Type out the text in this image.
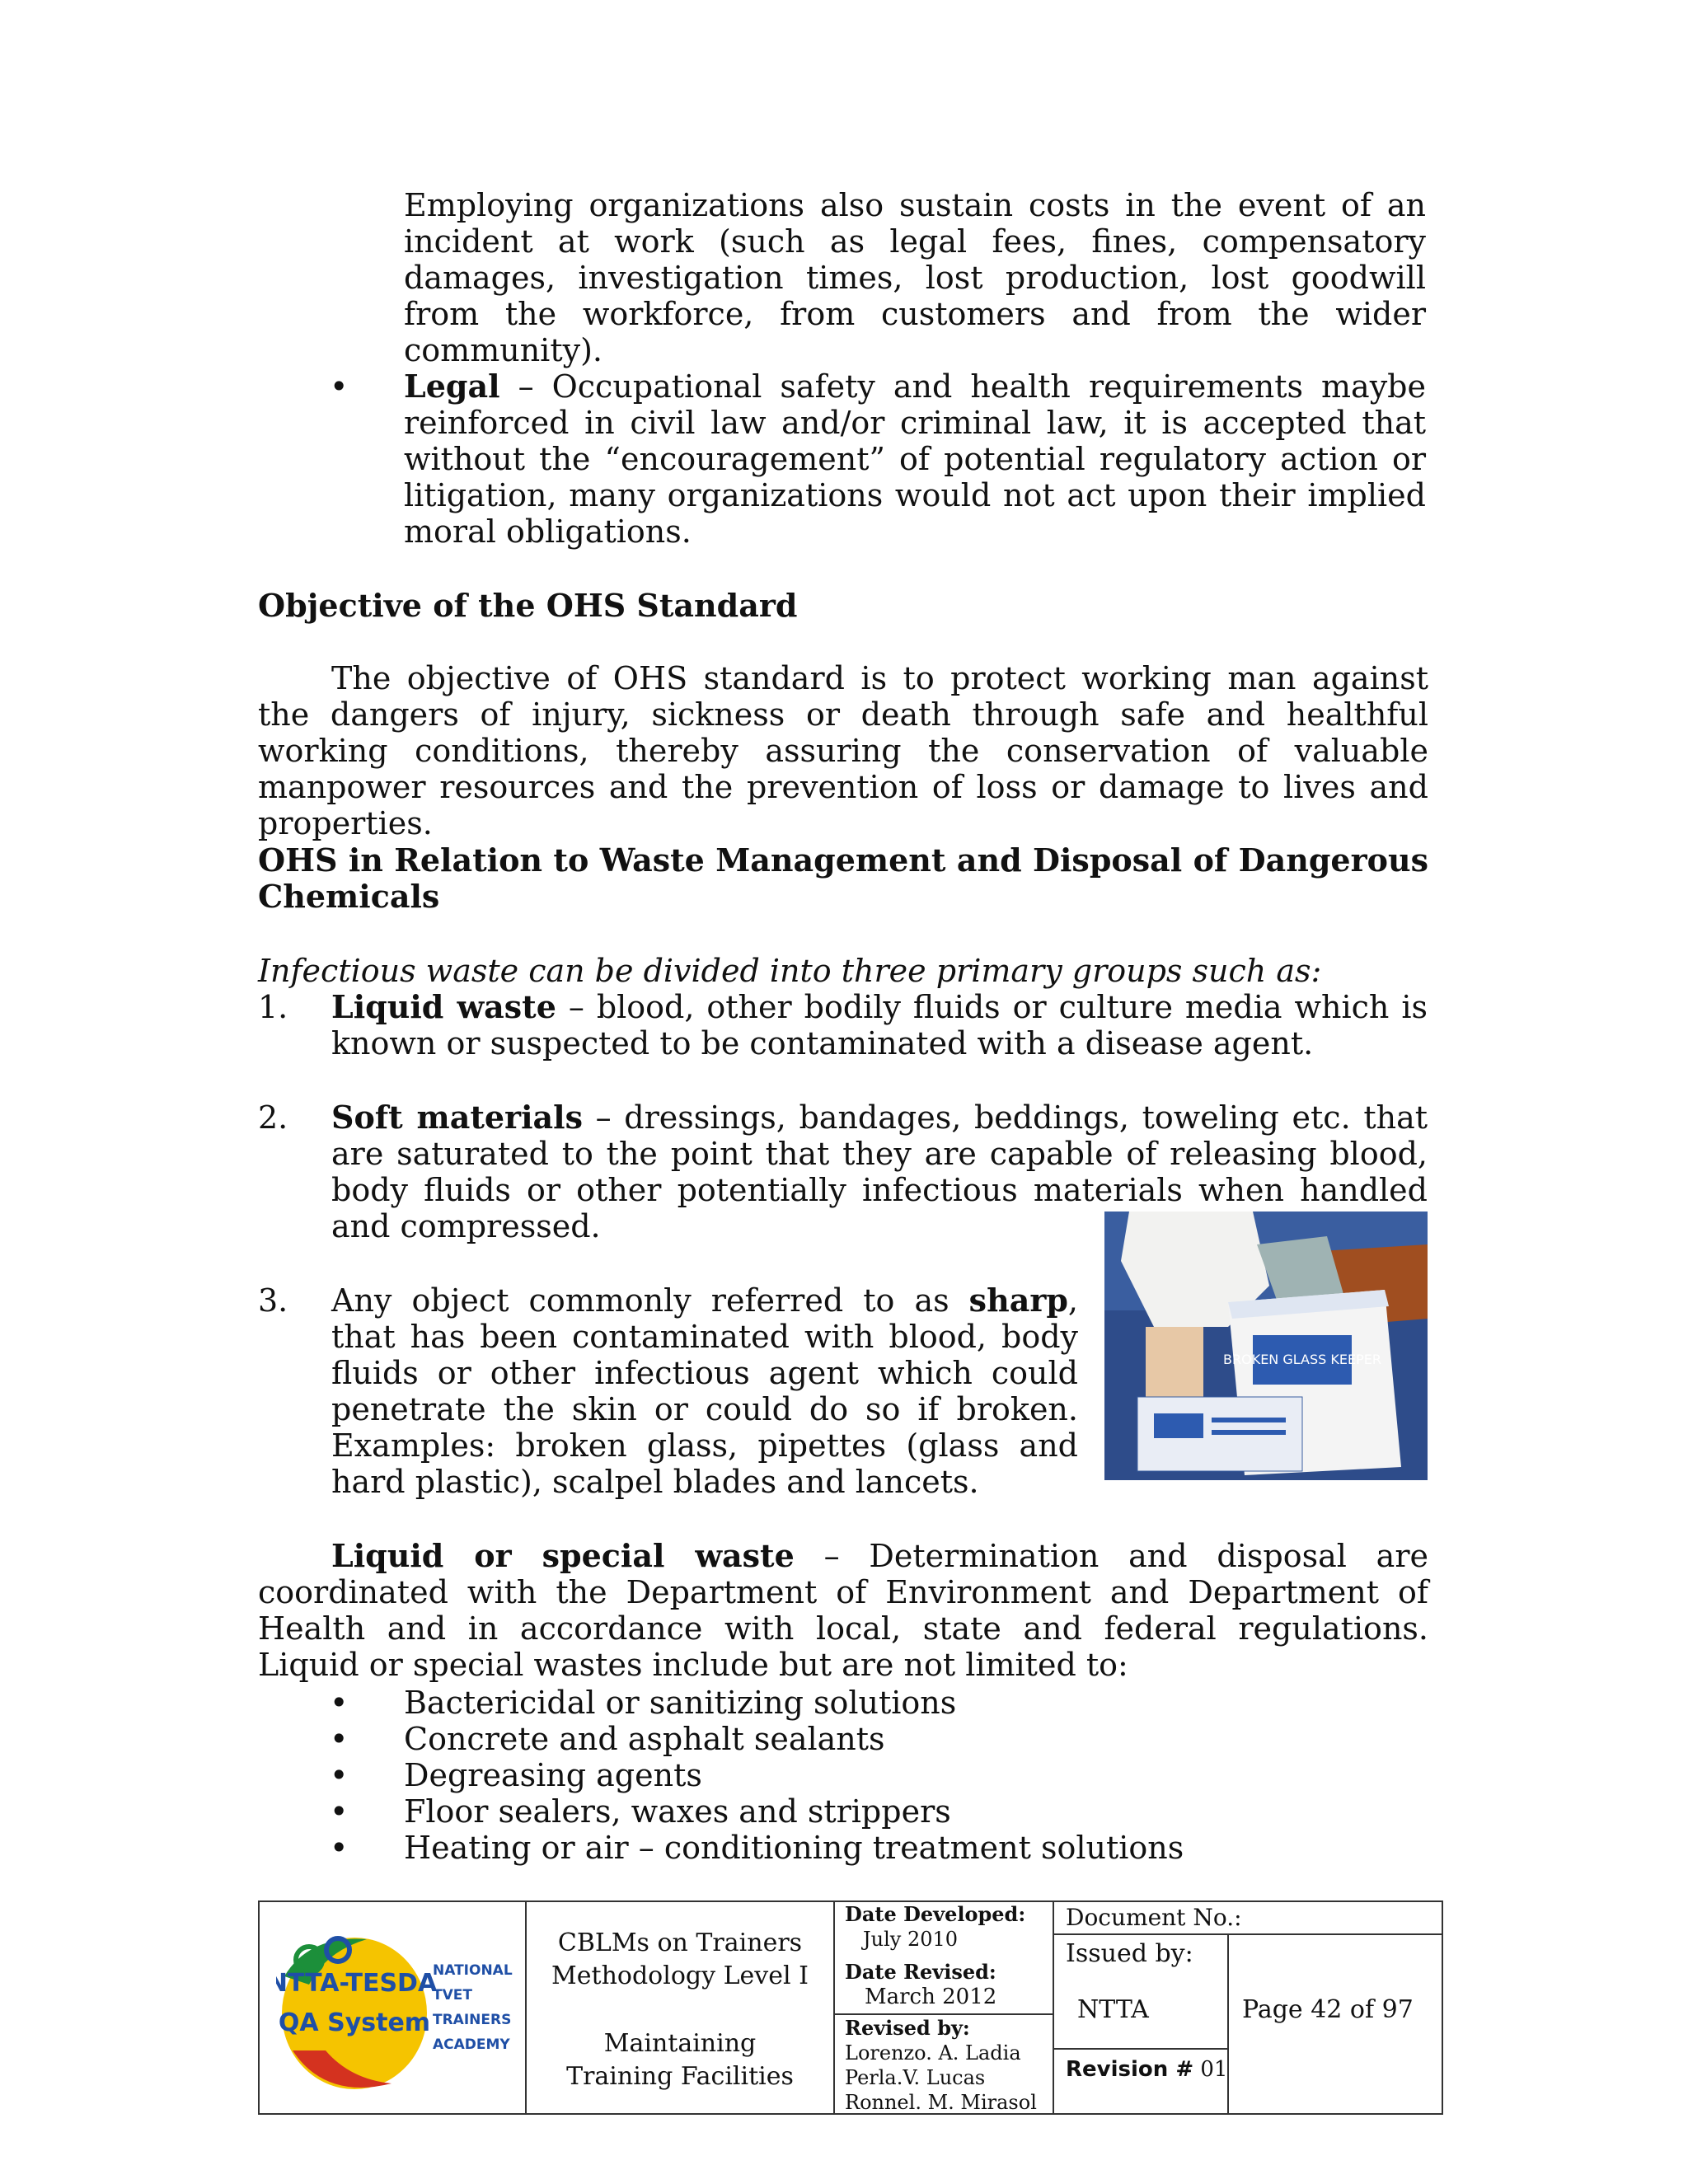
Employing organizations also sustain costs in the event of an incident at work (such as legal fees, fines, compensatory damages, investigation times, lost production, lost goodwill from the workforce, from customers and from the wider community).

• Legal – Occupational safety and health requirements maybe reinforced in civil law and/or criminal law, it is accepted that without the “encouragement” of potential regulatory action or litigation, many organizations would not act upon their implied moral obligations.

Objective of the OHS Standard

The objective of OHS standard is to protect working man against the dangers of injury, sickness or death through safe and healthful working conditions, thereby assuring the conservation of valuable manpower resources and the prevention of loss or damage to lives and properties.

OHS in Relation to Waste Management and Disposal of Dangerous Chemicals

Infectious waste can be divided into three primary groups such as:

1. Liquid waste – blood, other bodily fluids or culture media which is known or suspected to be contaminated with a disease agent.

2. Soft materials – dressings, bandages, beddings, toweling etc. that are saturated to the point that they are capable of releasing blood, body fluids or other potentially infectious materials when handled and compressed.

3. Any object commonly referred to as sharp, that has been contaminated with blood, body fluids or other infectious agent which could penetrate the skin or could do so if broken. Examples: broken glass, pipettes (glass and hard plastic), scalpel blades and lancets.

BROKEN GLASS KEEPER

Liquid or special waste – Determination and disposal are coordinated with the Department of Environment and Department of Health and in accordance with local, state and federal regulations. Liquid or special wastes include but are not limited to:

• Bactericidal or sanitizing solutions

• Concrete and asphalt sealants

• Degreasing agents

• Floor sealers, waxes and strippers

• Heating or air – conditioning treatment solutions

NTTA-TESDA
QA System
NATIONAL
TVET
TRAINERS
ACADEMY
CBLMs on Trainers
Methodology Level I
Maintaining
Training Facilities
Date Developed:
July 2010
Date Revised:
March 2012
Revised by:
Lorenzo. A. Ladia
Perla.V. Lucas
Ronnel. M. Mirasol
Document No.:
Issued by:
NTTA
Revision # 01
Page 42 of 97
